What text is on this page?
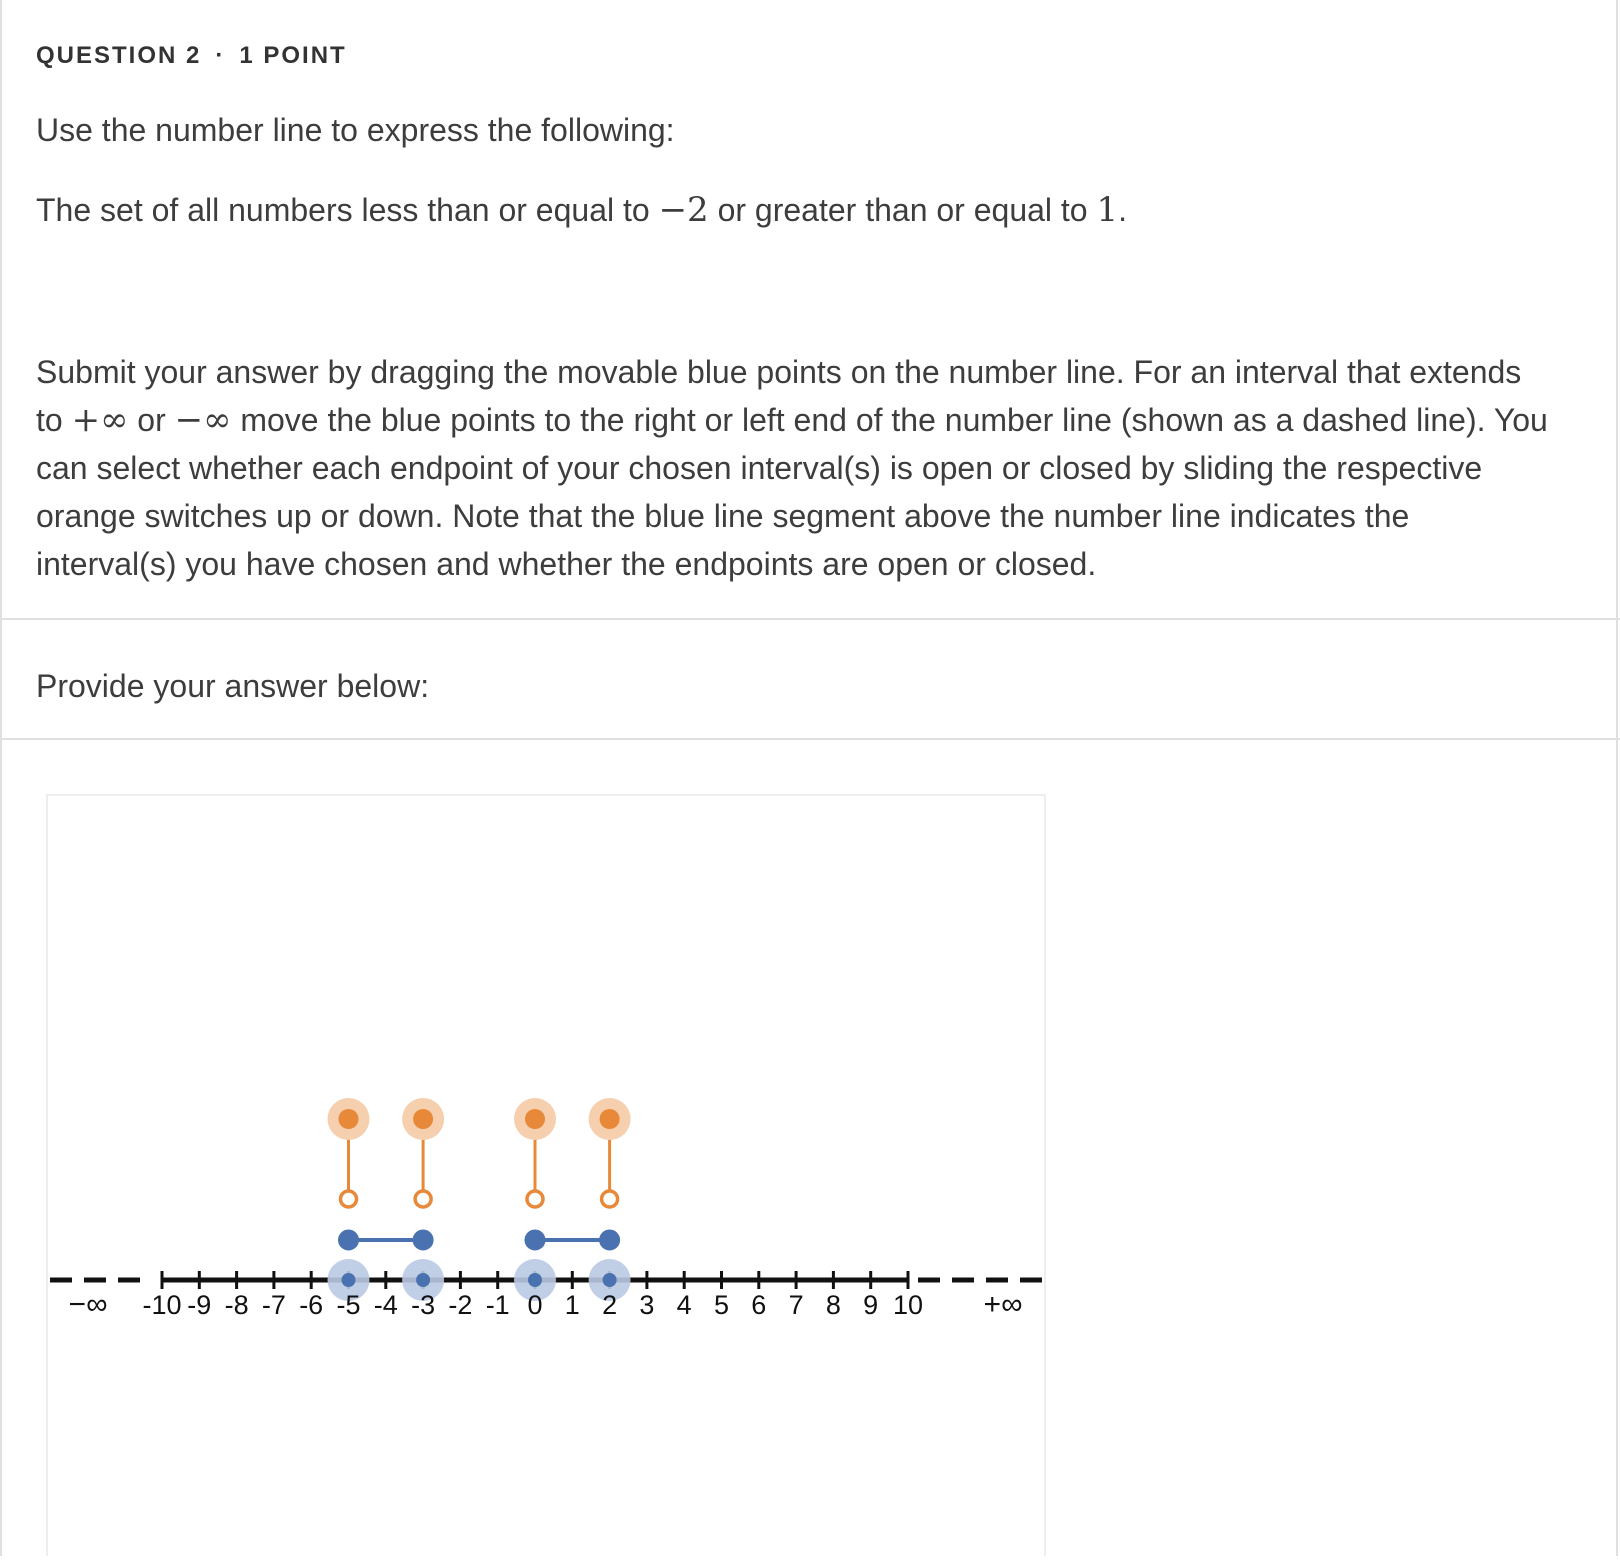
QUESTION 2 · 1 POINT
Use the number line to express the following:
The set of all numbers less than or equal to −2 or greater than or equal to 1.

Submit your answer by dragging the movable blue points on the number line. For an interval that extends to +∞ or −∞ move the blue points to the right or left end of the number line (shown as a dashed line). You can select whether each endpoint of your chosen interval(s) is open or closed by sliding the respective orange switches up or down. Note that the blue line segment above the number line indicates the interval(s) you have chosen and whether the endpoints are open or closed.

Provide your answer below:
-10 -9 -8 -7 -6 -5 -4 -3 -2 -1 0 1 2 3 4 5 6 7 8 9 10
−∞	+∞
